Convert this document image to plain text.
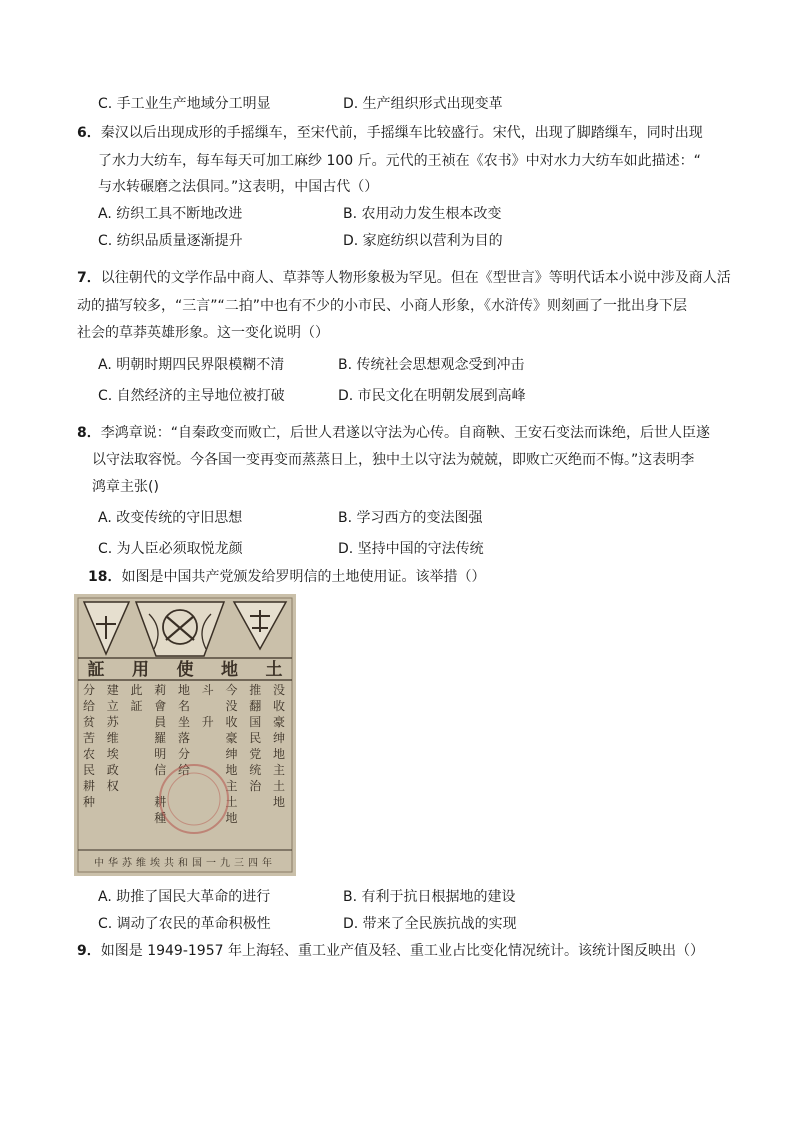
C. 手工业生产地域分工明显	D. 生产组织形式出现变革
6．秦汉以后出现成形的手摇缫车，至宋代前，手摇缫车比较盛行。宋代，出现了脚踏缫车，同时出现
了水力大纺车，每车每天可加工麻纱 100 斤。元代的王祯在《农书》中对水力大纺车如此描述：“
与水转碾磨之法俱同。”这表明，中国古代（）
A. 纺织工具不断地改进	B. 农用动力发生根本改变
C. 纺织品质量逐渐提升	D. 家庭纺织以营利为目的
7．以往朝代的文学作品中商人、草莽等人物形象极为罕见。但在《型世言》等明代话本小说中涉及商人活
动的描写较多，“三言”“二拍”中也有不少的小市民、小商人形象，《水浒传》则刻画了一批出身下层
社会的草莽英雄形象。这一变化说明（）
A. 明朝时期四民界限模糊不清	B. 传统社会思想观念受到冲击
C. 自然经济的主导地位被打破	D. 市民文化在明朝发展到高峰
8．李鸿章说：“自秦政变而败亡，后世人君遂以守法为心传。自商鞅、王安石变法而诛绝，后世人臣遂
以守法取容悦。今各国一变再变而蒸蒸日上，独中土以守法为兢兢，即败亡灭绝而不悔。”这表明李
鸿章主张()
A. 改变传统的守旧思想	B. 学习西方的变法图强
C. 为人臣必须取悦龙颜	D. 坚持中国的守法传统
18．如图是中国共产党颁发给罗明信的土地使用证。该举措（）
土
地
使
用
証
没
收
豪
绅
地
主
土
地
推
翻
国
民
党
统
治
今
没
收
豪
绅
地
主
土
地
斗
升
地
名
坐
落
分
给
莉
會
員
羅
明
信
耕
種
此
証
建
立
苏
维
埃
政
权
分
给
贫
苦
农
民
耕
种
中华苏维埃共和国一九三四年
A. 助推了国民大革命的进行	B. 有利于抗日根据地的建设
C. 调动了农民的革命积极性	D. 带来了全民族抗战的实现
9．如图是 1949-1957 年上海轻、重工业产值及轻、重工业占比变化情况统计。该统计图反映出（）
